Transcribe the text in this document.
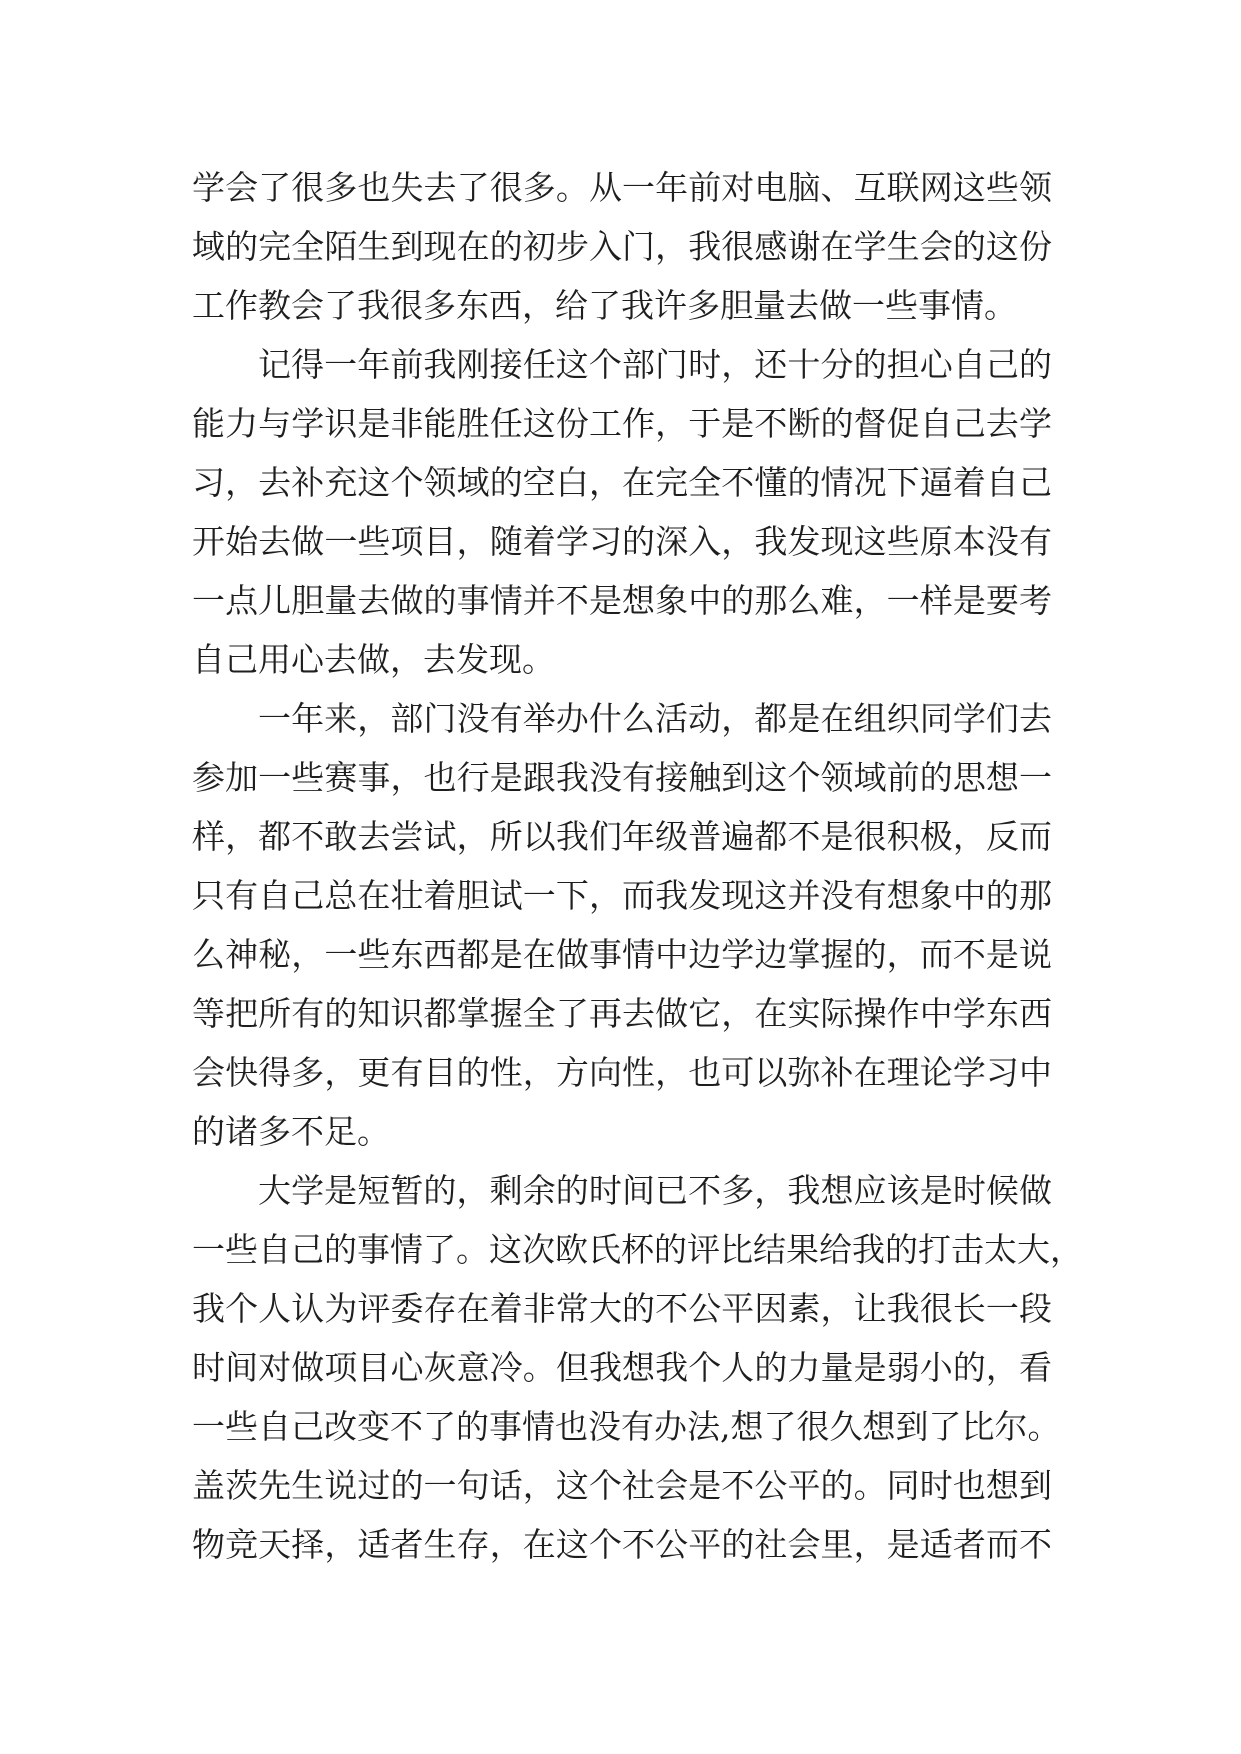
学会了很多也失去了很多。从一年前对电脑、互联网这些领
域的完全陌生到现在的初步入门，我很感谢在学生会的这份
工作教会了我很多东西，给了我许多胆量去做一些事情。
记得一年前我刚接任这个部门时，还十分的担心自己的
能力与学识是非能胜任这份工作，于是不断的督促自己去学
习，去补充这个领域的空白，在完全不懂的情况下逼着自己
开始去做一些项目，随着学习的深入，我发现这些原本没有
一点儿胆量去做的事情并不是想象中的那么难，一样是要考
自己用心去做，去发现。
一年来，部门没有举办什么活动，都是在组织同学们去
参加一些赛事，也行是跟我没有接触到这个领域前的思想一
样，都不敢去尝试，所以我们年级普遍都不是很积极，反而
只有自己总在壮着胆试一下，而我发现这并没有想象中的那
么神秘，一些东西都是在做事情中边学边掌握的，而不是说
等把所有的知识都掌握全了再去做它，在实际操作中学东西
会快得多，更有目的性，方向性，也可以弥补在理论学习中
的诸多不足。
大学是短暂的，剩余的时间已不多，我想应该是时候做
一些自己的事情了。这次欧氏杯的评比结果给我的打击太大，
我个人认为评委存在着非常大的不公平因素，让我很长一段
时间对做项目心灰意冷。但我想我个人的力量是弱小的，看
一些自己改变不了的事情也没有办法,想了很久想到了比尔。
盖茨先生说过的一句话，这个社会是不公平的。同时也想到
物竞天择，适者生存，在这个不公平的社会里，是适者而不
